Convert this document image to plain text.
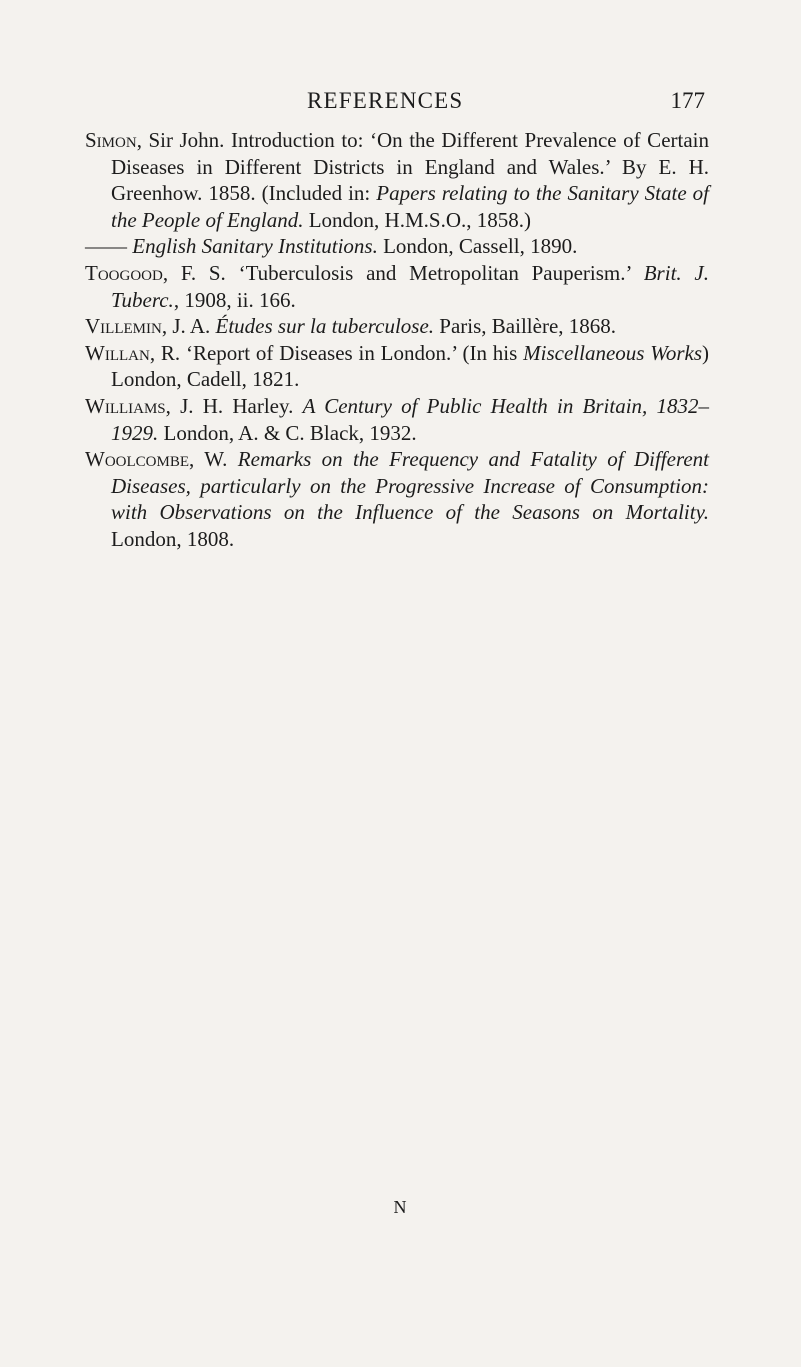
REFERENCES	177

Simon, Sir John. Introduction to: ‘On the Different Prevalence of Certain Diseases in Different Districts in England and Wales.’ By E. H. Greenhow. 1858. (Included in: Papers relating to the Sanitary State of the People of England. London, H.M.S.O., 1858.)

—— English Sanitary Institutions. London, Cassell, 1890.

Toogood, F. S. ‘Tuberculosis and Metropolitan Pauperism.’ Brit. J. Tuberc., 1908, ii. 166.

Villemin, J. A. Études sur la tuberculose. Paris, Baillère, 1868.

Willan, R. ‘Report of Diseases in London.’ (In his Miscellaneous Works) London, Cadell, 1821.

Williams, J. H. Harley. A Century of Public Health in Britain, 1832–1929. London, A. & C. Black, 1932.

Woolcombe, W. Remarks on the Frequency and Fatality of Different Diseases, particularly on the Progressive Increase of Consumption: with Observations on the Influence of the Seasons on Mortality. London, 1808.

N
